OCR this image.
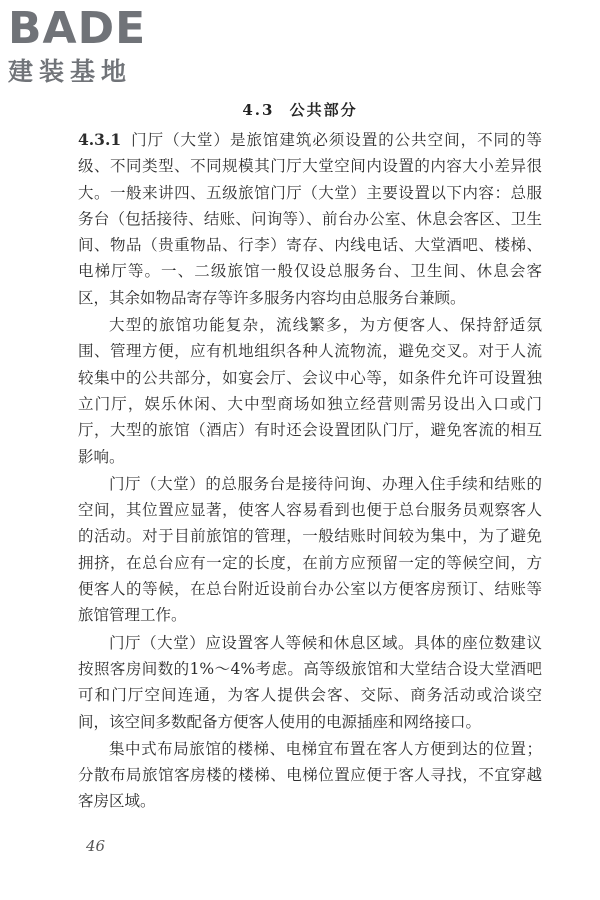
BADE
建装基地
4.3 公共部分

4.3.1 门厅（大堂）是旅馆建筑必须设置的公共空间，不同的等级、不同类型、不同规模其门厅大堂空间内设置的内容大小差异很大。一般来讲四、五级旅馆门厅（大堂）主要设置以下内容：总服务台（包括接待、结账、问询等）、前台办公室、休息会客区、卫生间、物品（贵重物品、行李）寄存、内线电话、大堂酒吧、楼梯、电梯厅等。一、二级旅馆一般仅设总服务台、卫生间、休息会客区，其余如物品寄存等许多服务内容均由总服务台兼顾。

大型的旅馆功能复杂，流线繁多，为方便客人、保持舒适氛围、管理方便，应有机地组织各种人流物流，避免交叉。对于人流较集中的公共部分，如宴会厅、会议中心等，如条件允许可设置独立门厅，娱乐休闲、大中型商场如独立经营则需另设出入口或门厅，大型的旅馆（酒店）有时还会设置团队门厅，避免客流的相互影响。

门厅（大堂）的总服务台是接待问询、办理入住手续和结账的空间，其位置应显著，使客人容易看到也便于总台服务员观察客人的活动。对于目前旅馆的管理，一般结账时间较为集中，为了避免拥挤，在总台应有一定的长度，在前方应预留一定的等候空间，方便客人的等候，在总台附近设前台办公室以方便客房预订、结账等旅馆管理工作。

门厅（大堂）应设置客人等候和休息区域。具体的座位数建议按照客房间数的1%～4%考虑。高等级旅馆和大堂结合设大堂酒吧可和门厅空间连通，为客人提供会客、交际、商务活动或洽谈空间，该空间多数配备方便客人使用的电源插座和网络接口。

集中式布局旅馆的楼梯、电梯宜布置在客人方便到达的位置；分散布局旅馆客房楼的楼梯、电梯位置应便于客人寻找，不宜穿越客房区域。

46
